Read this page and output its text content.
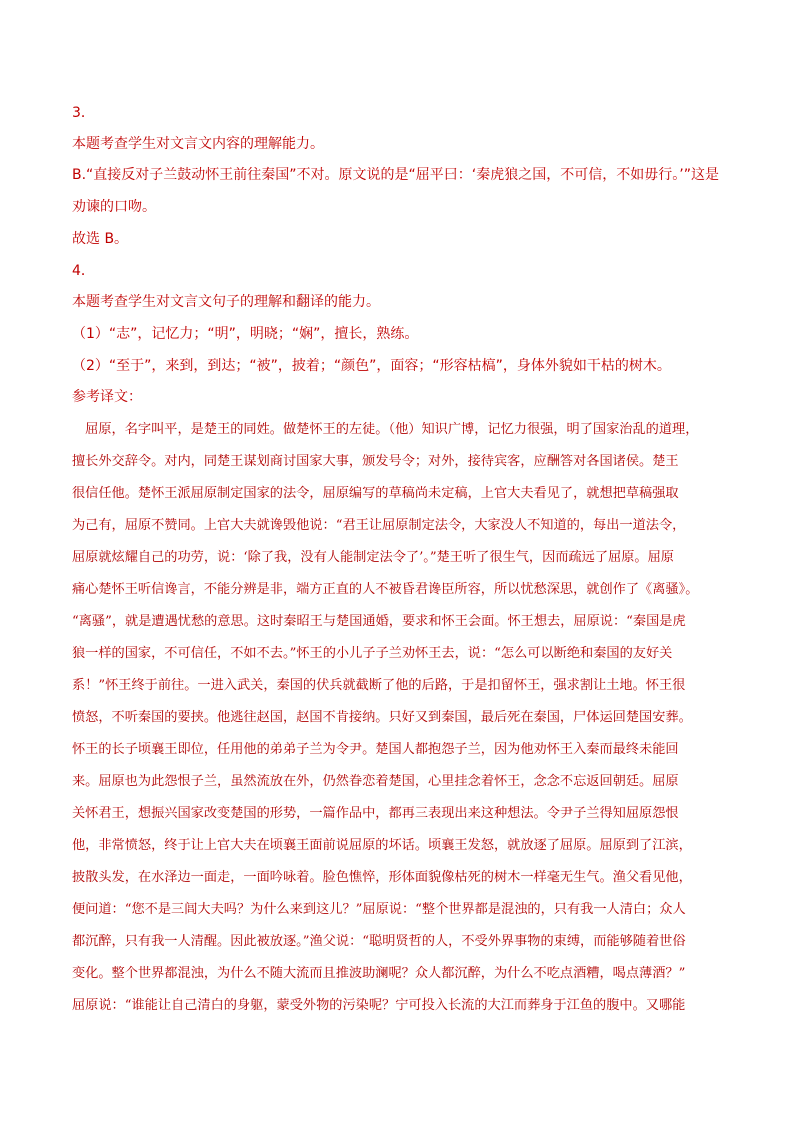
3．
本题考查学生对文言文内容的理解能力。
B.“直接反对子兰鼓动怀王前往秦国”不对。原文说的是“屈平曰：‘秦虎狼之国，不可信，不如毋行。’”这是
劝谏的口吻。
故选 B。
4．
本题考查学生对文言文句子的理解和翻译的能力。
（1）“志”，记忆力；“明”，明晓；“娴”，擅长，熟练。
（2）“至于”，来到，到达；“被”，披着；“颜色”，面容；“形容枯槁”，身体外貌如干枯的树木。
参考译文：
　屈原，名字叫平，是楚王的同姓。做楚怀王的左徒。（他）知识广博，记忆力很强，明了国家治乱的道理，
擅长外交辞令。对内，同楚王谋划商讨国家大事，颁发号令；对外，接待宾客，应酬答对各国诸侯。楚王
很信任他。楚怀王派屈原制定国家的法令，屈原编写的草稿尚未定稿，上官大夫看见了，就想把草稿强取
为己有，屈原不赞同。上官大夫就谗毁他说：“君王让屈原制定法令，大家没人不知道的，每出一道法令，
屈原就炫耀自己的功劳，说：‘除了我，没有人能制定法令了’。”楚王听了很生气，因而疏远了屈原。屈原
痛心楚怀王听信谗言，不能分辨是非，端方正直的人不被昏君谗臣所容，所以忧愁深思，就创作了《离骚》。
“离骚”，就是遭遇忧愁的意思。这时秦昭王与楚国通婚，要求和怀王会面。怀王想去，屈原说：“秦国是虎
狼一样的国家，不可信任，不如不去。”怀王的小儿子子兰劝怀王去，说：“怎么可以断绝和秦国的友好关
系！”怀王终于前往。一进入武关，秦国的伏兵就截断了他的后路，于是扣留怀王，强求割让土地。怀王很
愤怒，不听秦国的要挟。他逃往赵国，赵国不肯接纳。只好又到秦国，最后死在秦国，尸体运回楚国安葬。
怀王的长子顷襄王即位，任用他的弟弟子兰为令尹。楚国人都抱怨子兰，因为他劝怀王入秦而最终未能回
来。屈原也为此怨恨子兰，虽然流放在外，仍然眷恋着楚国，心里挂念着怀王，念念不忘返回朝廷。屈原
关怀君王，想振兴国家改变楚国的形势，一篇作品中，都再三表现出来这种想法。令尹子兰得知屈原怨恨
他，非常愤怒，终于让上官大夫在顷襄王面前说屈原的坏话。顷襄王发怒，就放逐了屈原。屈原到了江滨，
披散头发，在水泽边一面走，一面吟咏着。脸色憔悴，形体面貌像枯死的树木一样毫无生气。渔父看见他，
便问道：“您不是三闾大夫吗？为什么来到这儿？”屈原说：“整个世界都是混浊的，只有我一人清白；众人
都沉醉，只有我一人清醒。因此被放逐。”渔父说：“聪明贤哲的人，不受外界事物的束缚，而能够随着世俗
变化。整个世界都混浊，为什么不随大流而且推波助澜呢？众人都沉醉，为什么不吃点酒糟，喝点薄酒？”
屈原说：“谁能让自己清白的身躯，蒙受外物的污染呢？宁可投入长流的大江而葬身于江鱼的腹中。又哪能
